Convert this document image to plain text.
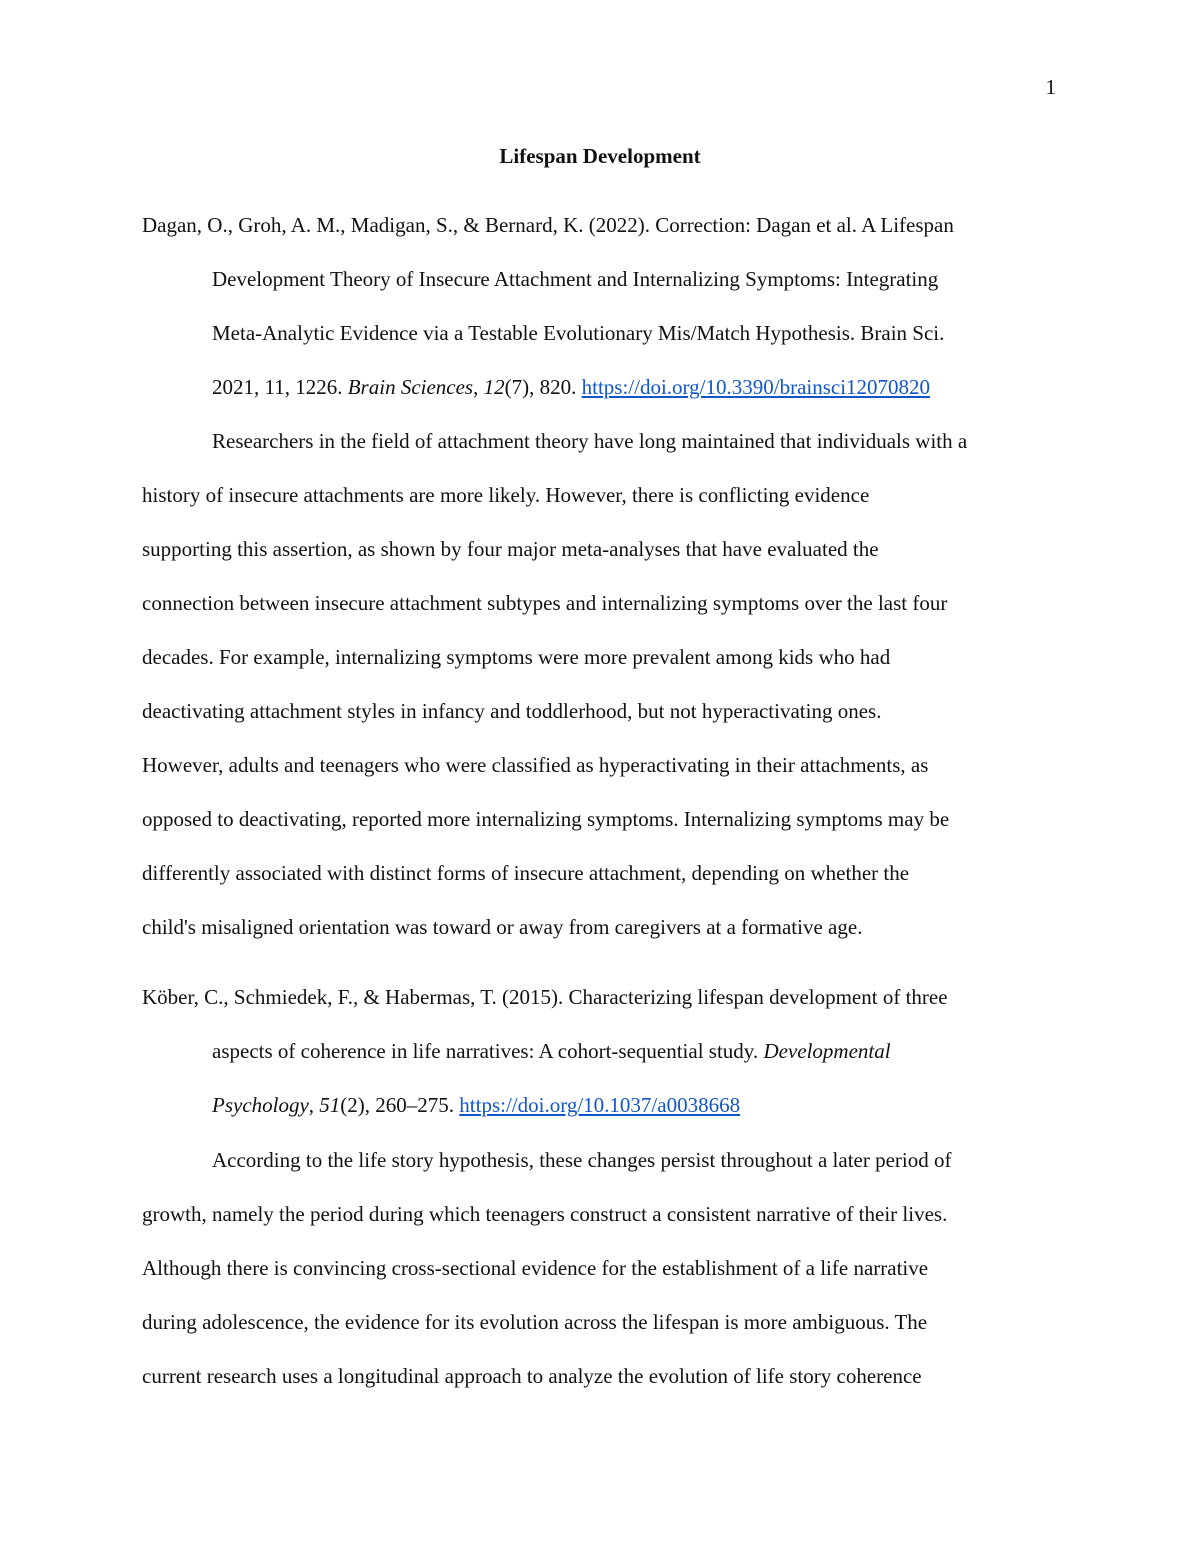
1
Lifespan Development
Dagan, O., Groh, A. M., Madigan, S., & Bernard, K. (2022). Correction: Dagan et al. A Lifespan
Development Theory of Insecure Attachment and Internalizing Symptoms: Integrating
Meta-Analytic Evidence via a Testable Evolutionary Mis/Match Hypothesis. Brain Sci.
2021, 11, 1226. Brain Sciences, 12(7), 820. https://doi.org/10.3390/brainsci12070820
Researchers in the field of attachment theory have long maintained that individuals with a
history of insecure attachments are more likely. However, there is conflicting evidence
supporting this assertion, as shown by four major meta-analyses that have evaluated the
connection between insecure attachment subtypes and internalizing symptoms over the last four
decades. For example, internalizing symptoms were more prevalent among kids who had
deactivating attachment styles in infancy and toddlerhood, but not hyperactivating ones.
However, adults and teenagers who were classified as hyperactivating in their attachments, as
opposed to deactivating, reported more internalizing symptoms. Internalizing symptoms may be
differently associated with distinct forms of insecure attachment, depending on whether the
child's misaligned orientation was toward or away from caregivers at a formative age.
Köber, C., Schmiedek, F., & Habermas, T. (2015). Characterizing lifespan development of three
aspects of coherence in life narratives: A cohort-sequential study. Developmental
Psychology, 51(2), 260–275. https://doi.org/10.1037/a0038668
According to the life story hypothesis, these changes persist throughout a later period of
growth, namely the period during which teenagers construct a consistent narrative of their lives.
Although there is convincing cross-sectional evidence for the establishment of a life narrative
during adolescence, the evidence for its evolution across the lifespan is more ambiguous. The
current research uses a longitudinal approach to analyze the evolution of life story coherence
